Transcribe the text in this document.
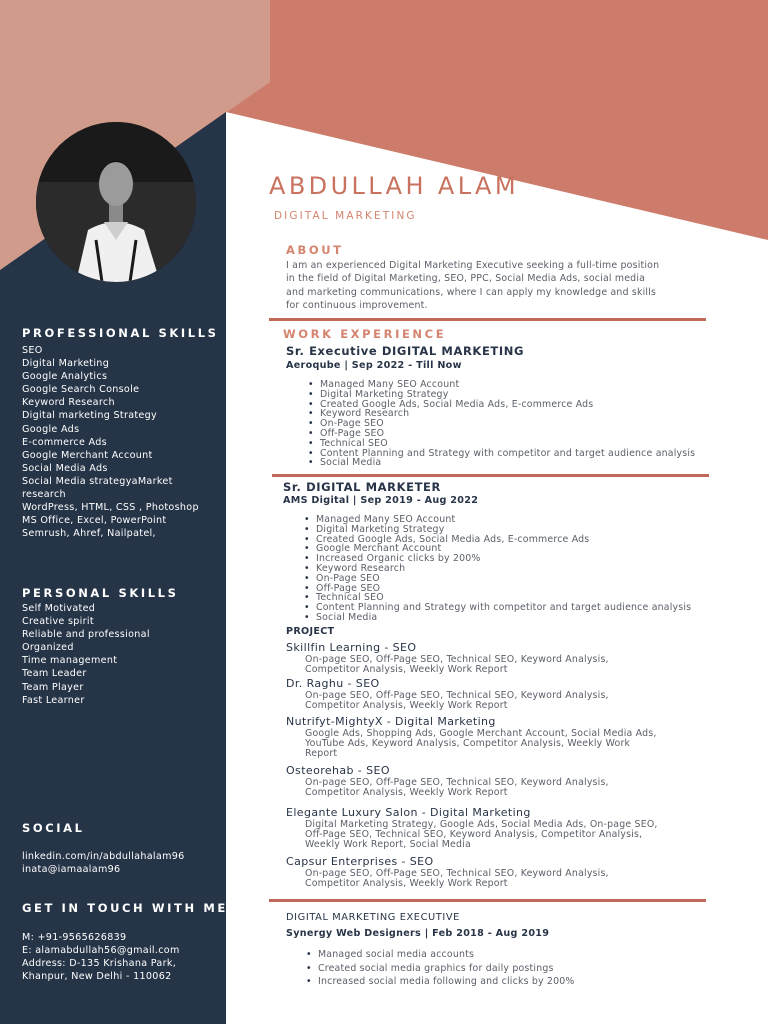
PROFESSIONAL SKILLS
SEO
Digital Marketing
Google Analytics
Google Search Console
Keyword Research
Digital marketing Strategy
Google Ads
E-commerce Ads
Google Merchant Account
Social Media Ads
Social Media strategyaMarket
research
WordPress, HTML, CSS , Photoshop
MS Office, Excel, PowerPoint
Semrush, Ahref, Nailpatel,
PERSONAL SKILLS
Self Motivated
Creative spirit
Reliable and professional
Organized
Time management
Team Leader
Team Player
Fast Learner
SOCIAL
linkedin.com/in/abdullahalam96
inata@iamaalam96
GET IN TOUCH WITH ME
M: +91-9565626839
E: alamabdullah56@gmail.com
Address: D-135 Krishana Park,
Khanpur, New Delhi - 110062
ABDULLAH ALAM
DIGITAL MARKETING
ABOUT
I am an experienced Digital Marketing Executive seeking a full-time position
in the field of Digital Marketing, SEO, PPC, Social Media Ads, social media
and marketing communications, where I can apply my knowledge and skills
for continuous improvement.
WORK EXPERIENCE
Sr. Executive DIGITAL MARKETING
Aeroqube | Sep 2022 - Till Now
• Managed Many SEO Account
• Digital Marketing Strategy
• Created Google Ads, Social Media Ads, E-commerce Ads
• Keyword Research
• On-Page SEO
• Off-Page SEO
• Technical SEO
• Content Planning and Strategy with competitor and target audience analysis
• Social Media
Sr. DIGITAL MARKETER
AMS Digital | Sep 2019 - Aug 2022
• Managed Many SEO Account
• Digital Marketing Strategy
• Created Google Ads, Social Media Ads, E-commerce Ads
• Google Merchant Account
• Increased Organic clicks by 200%
• Keyword Research
• On-Page SEO
• Off-Page SEO
• Technical SEO
• Content Planning and Strategy with competitor and target audience analysis
• Social Media
PROJECT
Skillfin Learning - SEO
On-page SEO, Off-Page SEO, Technical SEO, Keyword Analysis,
Competitor Analysis, Weekly Work Report
Dr. Raghu - SEO
On-page SEO, Off-Page SEO, Technical SEO, Keyword Analysis,
Competitor Analysis, Weekly Work Report
Nutrifyt-MightyX - Digital Marketing
Google Ads, Shopping Ads, Google Merchant Account, Social Media Ads,
YouTube Ads, Keyword Analysis, Competitor Analysis, Weekly Work
Report
Osteorehab - SEO
On-page SEO, Off-Page SEO, Technical SEO, Keyword Analysis,
Competitor Analysis, Weekly Work Report
Elegante Luxury Salon - Digital Marketing
Digital Marketing Strategy, Google Ads, Social Media Ads, On-page SEO,
Off-Page SEO, Technical SEO, Keyword Analysis, Competitor Analysis,
Weekly Work Report, Social Media
Capsur Enterprises - SEO
On-page SEO, Off-Page SEO, Technical SEO, Keyword Analysis,
Competitor Analysis, Weekly Work Report
DIGITAL MARKETING EXECUTIVE
Synergy Web Designers | Feb 2018 - Aug 2019
• Managed social media accounts
• Created social media graphics for daily postings
• Increased social media following and clicks by 200%
